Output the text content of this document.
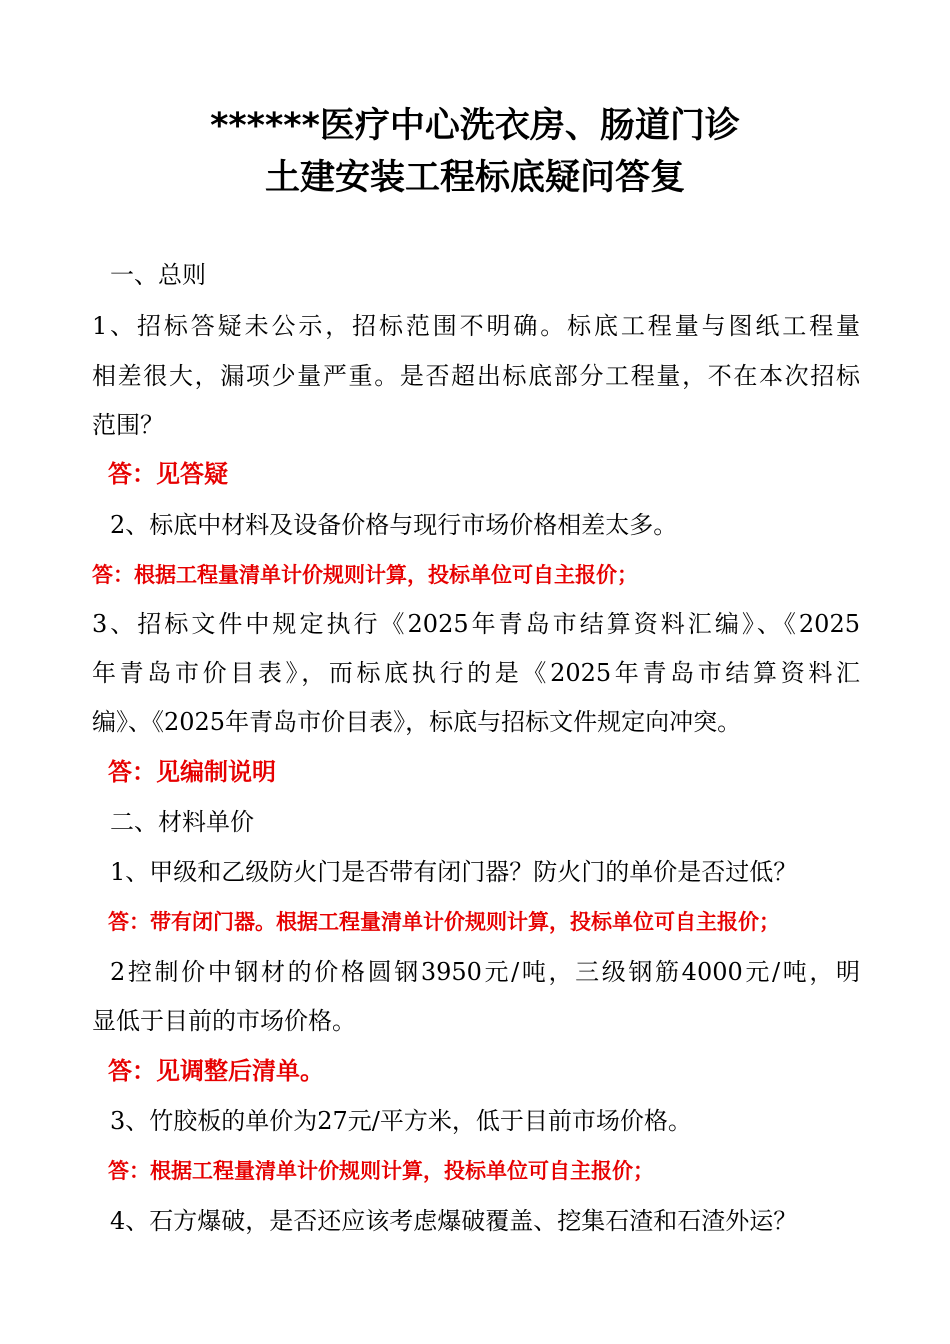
******医疗中心洗衣房、肠道门诊
土建安装工程标底疑问答复
一、总则
1、招标答疑未公示，招标范围不明确。标底工程量与图纸工程量
相差很大，漏项少量严重。是否超出标底部分工程量，不在本次招标
范围？
答：见答疑
2、标底中材料及设备价格与现行市场价格相差太多。
答：根据工程量清单计价规则计算，投标单位可自主报价；
3、招标文件中规定执行《2025年青岛市结算资料汇编》、《2025
年青岛市价目表》，而标底执行的是《2025年青岛市结算资料汇
编》、《2025年青岛市价目表》，标底与招标文件规定向冲突。
答：见编制说明
二、材料单价
1、甲级和乙级防火门是否带有闭门器？防火门的单价是否过低？
答：带有闭门器。根据工程量清单计价规则计算，投标单位可自主报价；
2控制价中钢材的价格圆钢3950元/吨，三级钢筋4000元/吨，明
显低于目前的市场价格。
答：见调整后清单。
3、竹胶板的单价为27元/平方米，低于目前市场价格。
答：根据工程量清单计价规则计算，投标单位可自主报价；
4、石方爆破，是否还应该考虑爆破覆盖、挖集石渣和石渣外运？
